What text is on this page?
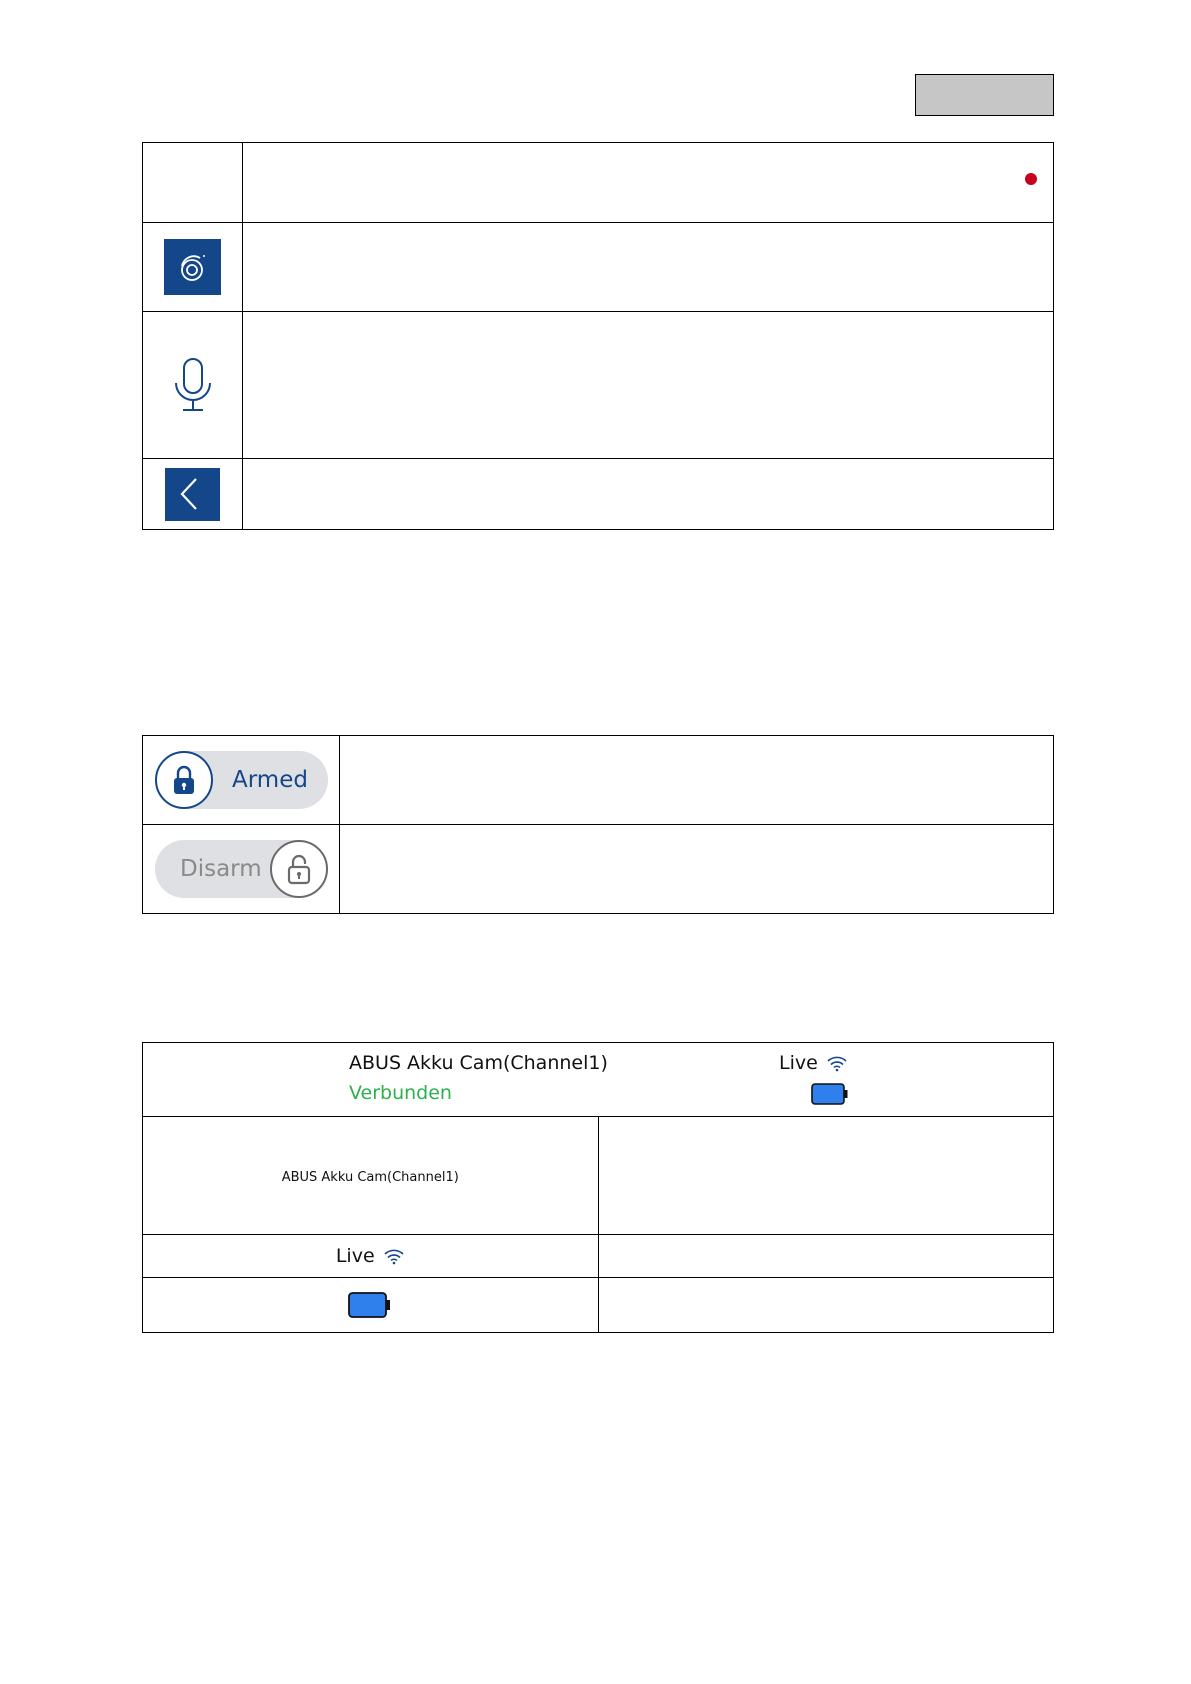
Armed	

Disarm	

ABUS Akku Cam(Channel1)
Verbunden
Live	

ABUS Akku Cam(Channel1)	

Live	
